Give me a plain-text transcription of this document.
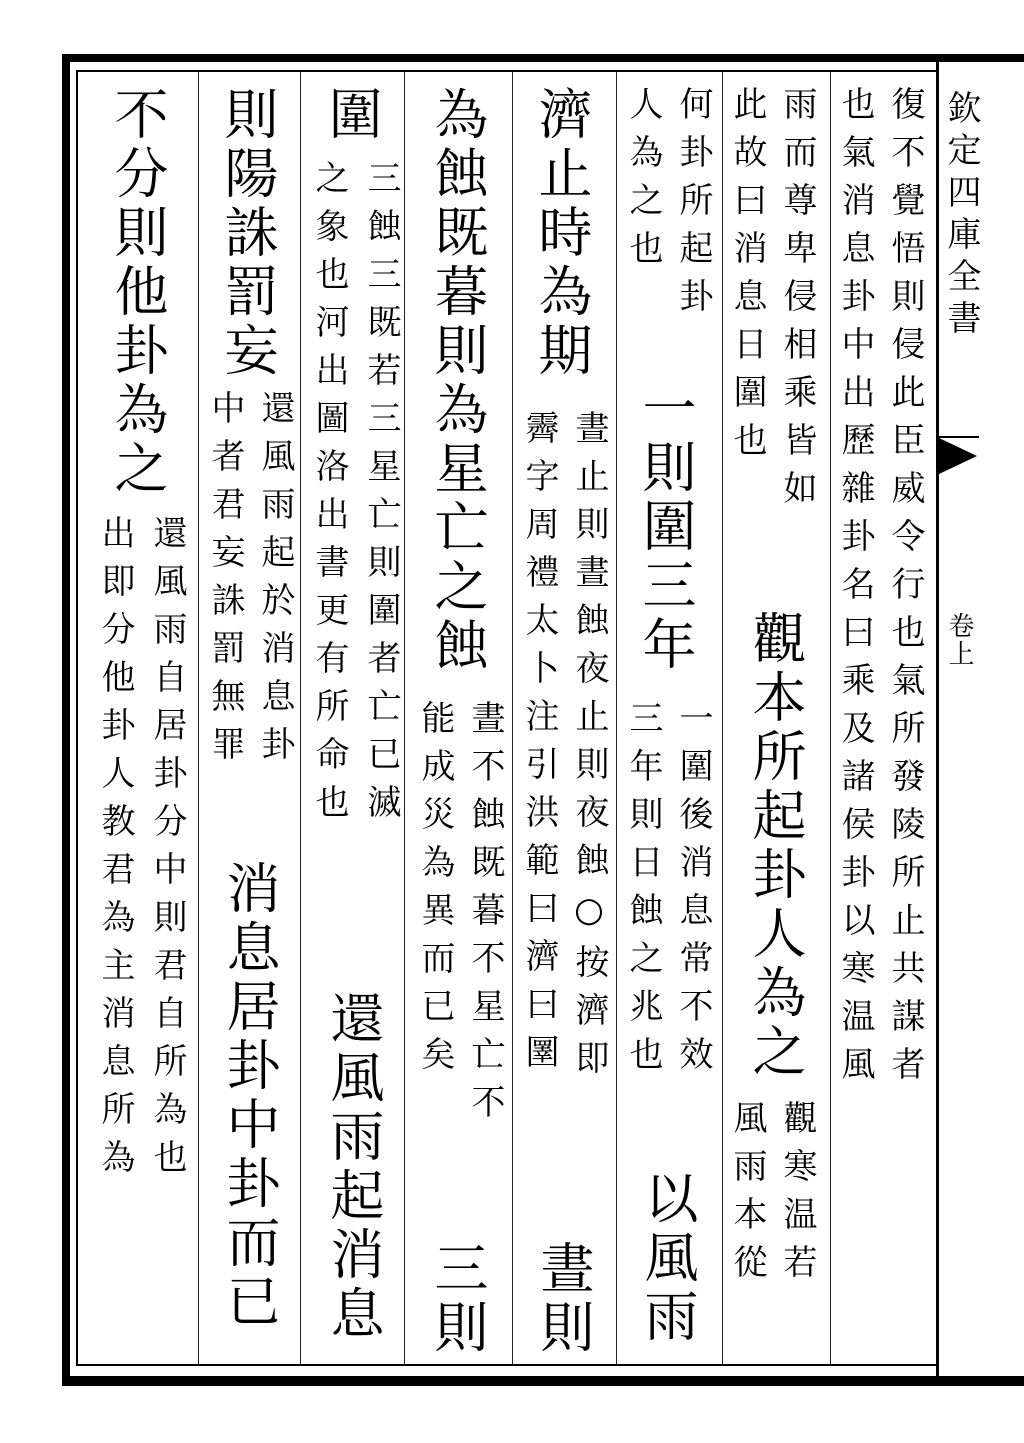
欽定四庫全書
卷上
復不覺悟則侵此臣威令行也氣所發陵所止共謀者
也氣消息卦中出歷雜卦名曰乘及諸侯卦以寒温風
雨而尊卑侵相乘皆如
觀本所起卦人為之
觀寒温若
此故曰消息日圍也
風雨本從
何卦所起卦
一則圍三年
一圍後消息常不效
以風雨
人為之也
三年則日蝕之兆也
濟止時為期
晝止則晝蝕夜止則夜蝕○按濟即
晝則
霽字周禮太卜注引洪範曰濟曰圛
為蝕既暮則為星亡之蝕
晝不蝕既暮不星亡不
三則
能成災為異而已矣
圍
三蝕三既若三星亡則圍者亡已滅
還風雨起消息
之象也河出圖洛出書更有所命也
則陽誅罰妄
還風雨起於消息卦
消息居卦中卦而已
中者君妄誅罰無罪
不分則他卦為之
還風雨自居卦分中則君自所為也
出即分他卦人教君為主消息所為
